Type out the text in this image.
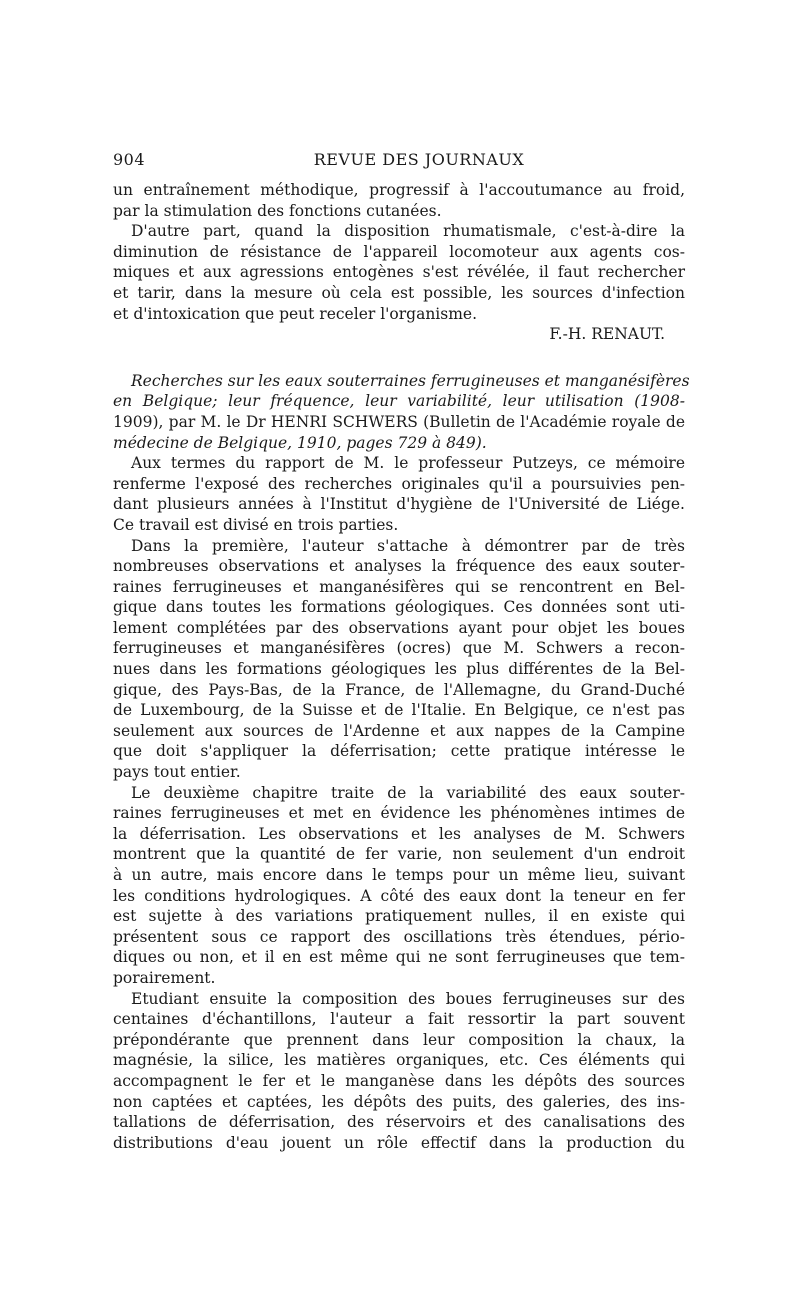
904	REVUE DES JOURNAUX
un entraînement méthodique, progressif à l'accoutumance au froid,
par la stimulation des fonctions cutanées.
D'autre part, quand la disposition rhumatismale, c'est-à-dire la
diminution de résistance de l'appareil locomoteur aux agents cos-
miques et aux agressions entogènes s'est révélée, il faut rechercher
et tarir, dans la mesure où cela est possible, les sources d'infection
et d'intoxication que peut receler l'organisme.
F.-H. RENAUT.
Recherches sur les eaux souterraines ferrugineuses et manganésifères
en Belgique; leur fréquence, leur variabilité, leur utilisation (1908-
1909), par M. le Dr HENRI SCHWERS (Bulletin de l'Académie royale de
médecine de Belgique, 1910, pages 729 à 849).
Aux termes du rapport de M. le professeur Putzeys, ce mémoire
renferme l'exposé des recherches originales qu'il a poursuivies pen-
dant plusieurs années à l'Institut d'hygiène de l'Université de Liége.
Ce travail est divisé en trois parties.
Dans la première, l'auteur s'attache à démontrer par de très
nombreuses observations et analyses la fréquence des eaux souter-
raines ferrugineuses et manganésifères qui se rencontrent en Bel-
gique dans toutes les formations géologiques. Ces données sont uti-
lement complétées par des observations ayant pour objet les boues
ferrugineuses et manganésifères (ocres) que M. Schwers a recon-
nues dans les formations géologiques les plus différentes de la Bel-
gique, des Pays-Bas, de la France, de l'Allemagne, du Grand-Duché
de Luxembourg, de la Suisse et de l'Italie. En Belgique, ce n'est pas
seulement aux sources de l'Ardenne et aux nappes de la Campine
que doit s'appliquer la déferrisation; cette pratique intéresse le
pays tout entier.
Le deuxième chapitre traite de la variabilité des eaux souter-
raines ferrugineuses et met en évidence les phénomènes intimes de
la déferrisation. Les observations et les analyses de M. Schwers
montrent que la quantité de fer varie, non seulement d'un endroit
à un autre, mais encore dans le temps pour un même lieu, suivant
les conditions hydrologiques. A côté des eaux dont la teneur en fer
est sujette à des variations pratiquement nulles, il en existe qui
présentent sous ce rapport des oscillations très étendues, pério-
diques ou non, et il en est même qui ne sont ferrugineuses que tem-
porairement.
Etudiant ensuite la composition des boues ferrugineuses sur des
centaines d'échantillons, l'auteur a fait ressortir la part souvent
prépondérante que prennent dans leur composition la chaux, la
magnésie, la silice, les matières organiques, etc. Ces éléments qui
accompagnent le fer et le manganèse dans les dépôts des sources
non captées et captées, les dépôts des puits, des galeries, des ins-
tallations de déferrisation, des réservoirs et des canalisations des
distributions d'eau jouent un rôle effectif dans la production du
